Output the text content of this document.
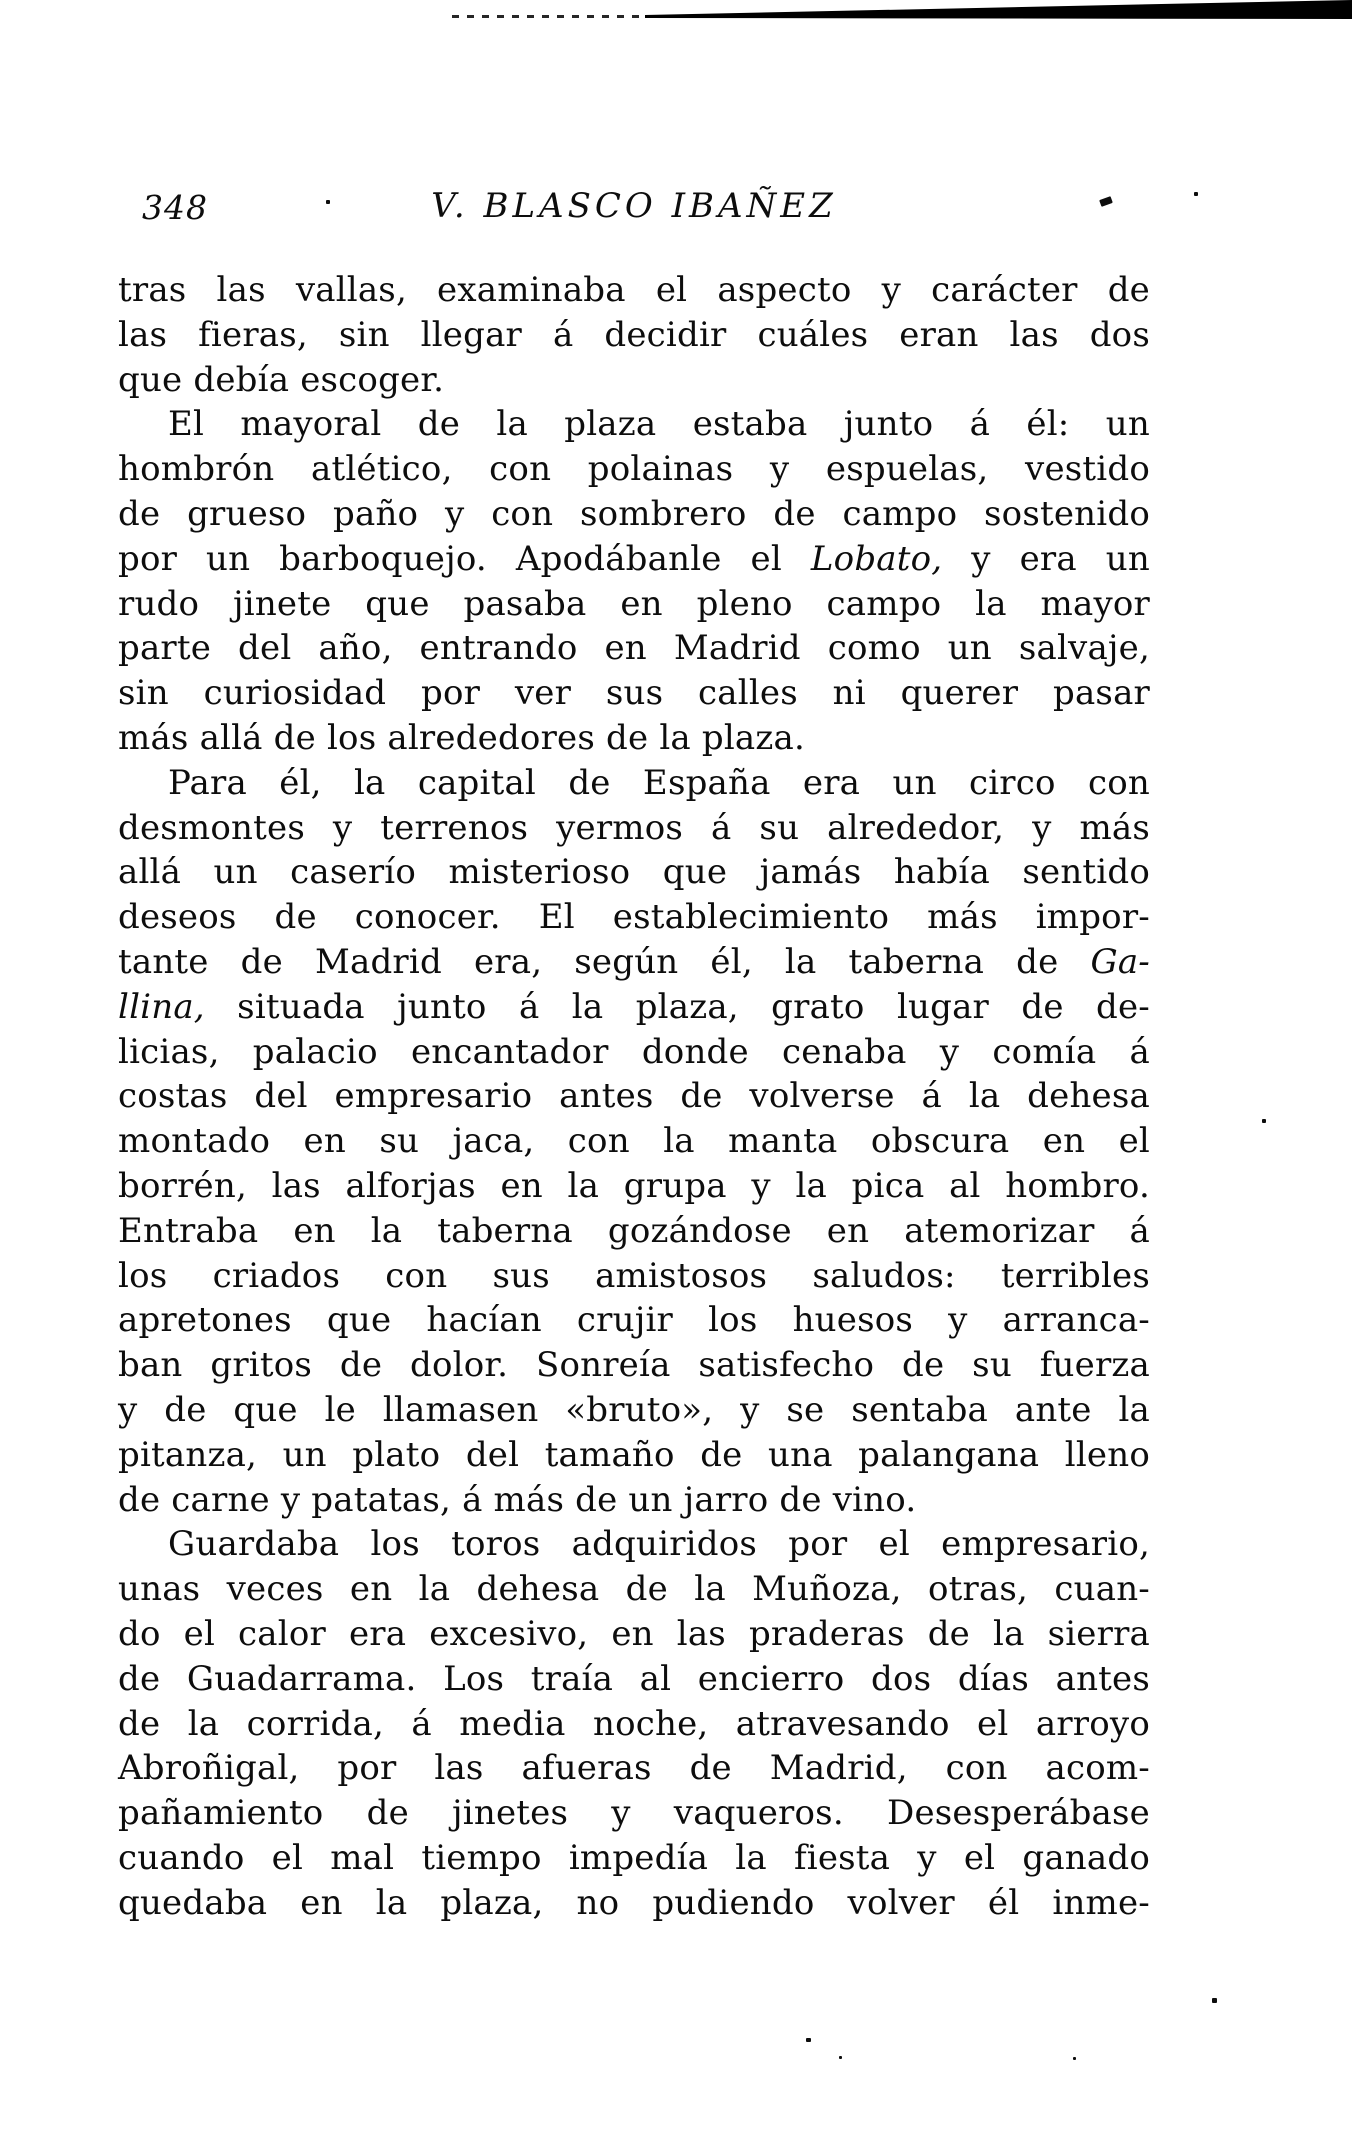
348	V. BLASCO IBAÑEZ
tras las vallas, examinaba el aspecto y carácter de
las fieras, sin llegar á decidir cuáles eran las dos
que debía escoger.
El mayoral de la plaza estaba junto á él: un
hombrón atlético, con polainas y espuelas, vestido
de grueso paño y con sombrero de campo sostenido
por un barboquejo. Apodábanle el Lobato, y era un
rudo jinete que pasaba en pleno campo la mayor
parte del año, entrando en Madrid como un salvaje,
sin curiosidad por ver sus calles ni querer pasar
más allá de los alrededores de la plaza.
Para él, la capital de España era un circo con
desmontes y terrenos yermos á su alrededor, y más
allá un caserío misterioso que jamás había sentido
deseos de conocer. El establecimiento más impor-
tante de Madrid era, según él, la taberna de Ga-
llina, situada junto á la plaza, grato lugar de de-
licias, palacio encantador donde cenaba y comía á
costas del empresario antes de volverse á la dehesa
montado en su jaca, con la manta obscura en el
borrén, las alforjas en la grupa y la pica al hombro.
Entraba en la taberna gozándose en atemorizar á
los criados con sus amistosos saludos: terribles
apretones que hacían crujir los huesos y arranca-
ban gritos de dolor. Sonreía satisfecho de su fuerza
y de que le llamasen «bruto», y se sentaba ante la
pitanza, un plato del tamaño de una palangana lleno
de carne y patatas, á más de un jarro de vino.
Guardaba los toros adquiridos por el empresario,
unas veces en la dehesa de la Muñoza, otras, cuan-
do el calor era excesivo, en las praderas de la sierra
de Guadarrama. Los traía al encierro dos días antes
de la corrida, á media noche, atravesando el arroyo
Abroñigal, por las afueras de Madrid, con acom-
pañamiento de jinetes y vaqueros. Desesperábase
cuando el mal tiempo impedía la fiesta y el ganado
quedaba en la plaza, no pudiendo volver él inme-
